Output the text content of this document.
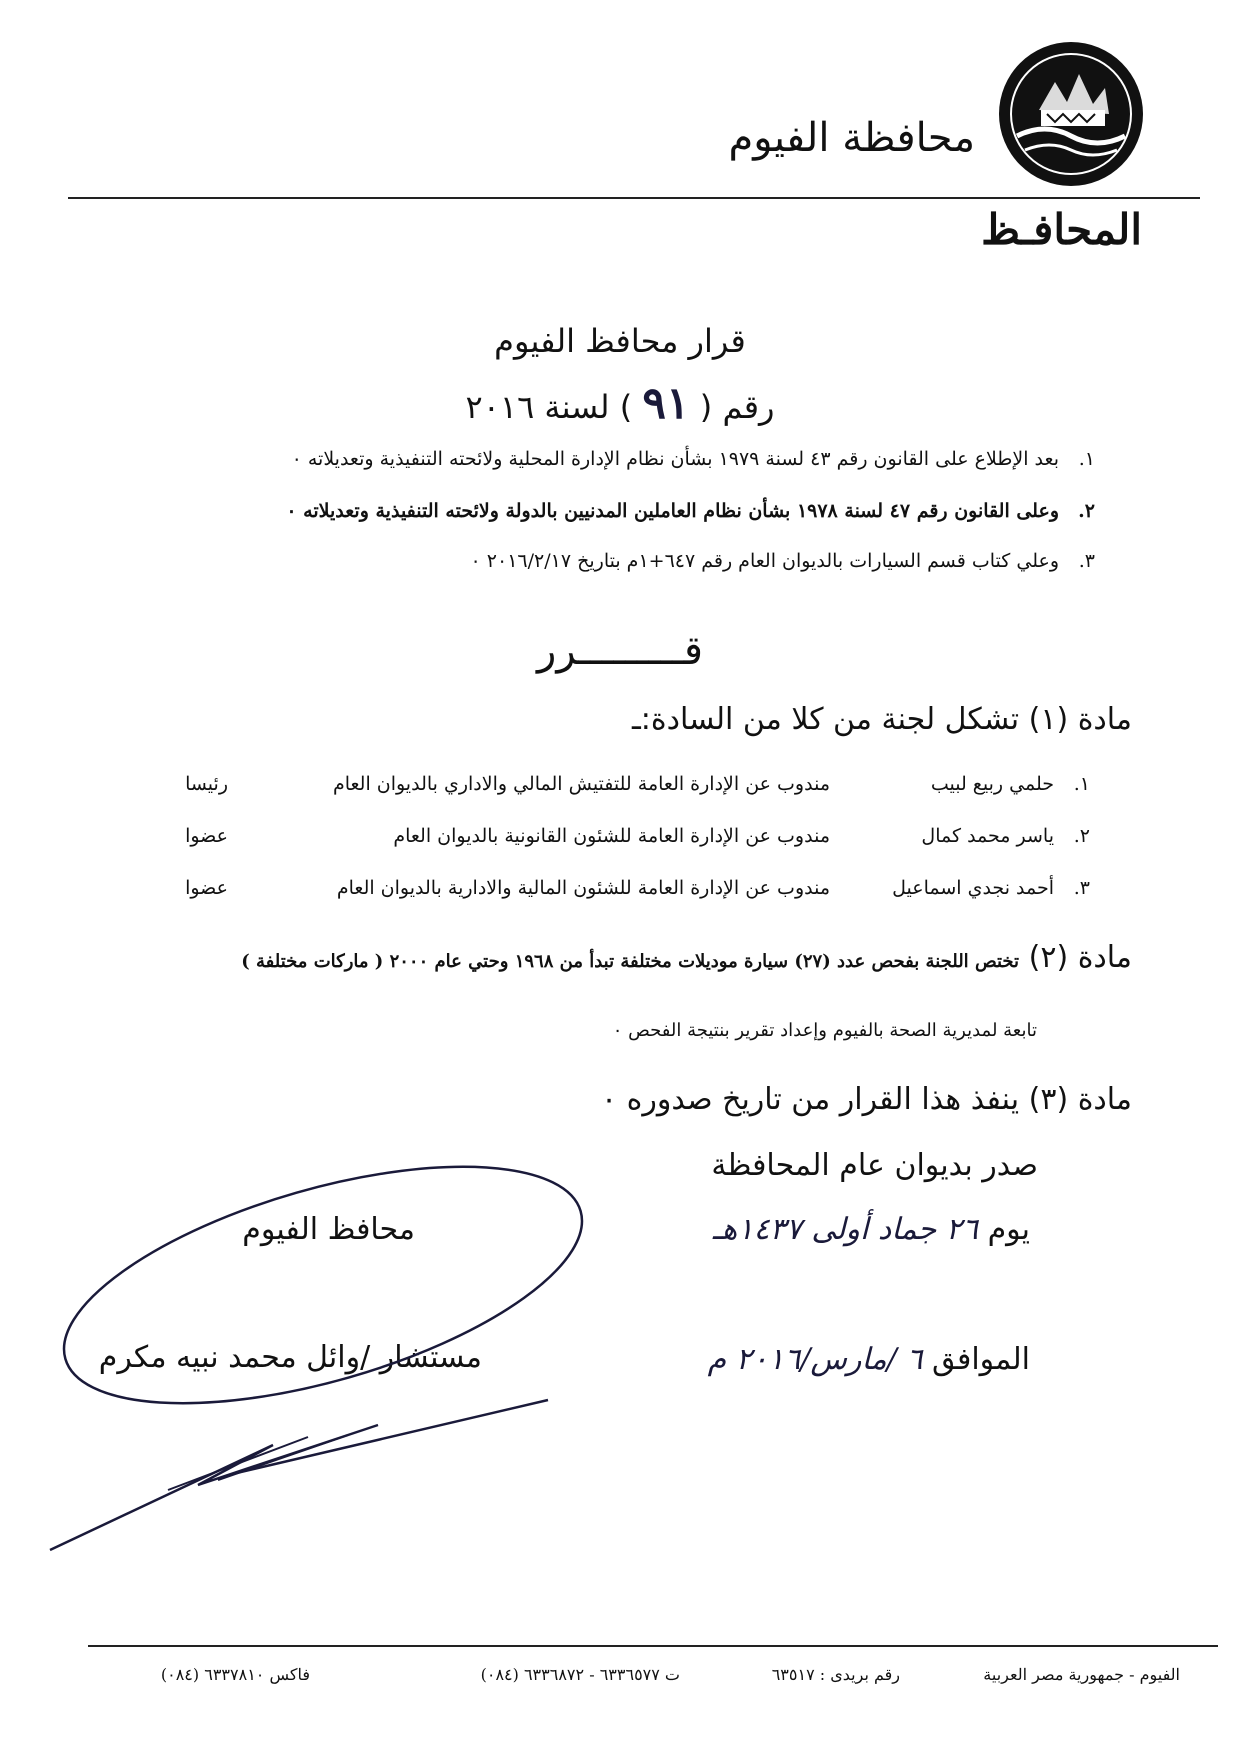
محافظة الفيوم
المحافـظ
قرار محافظ الفيوم
رقم ( ٩١ ) لسنة ٢٠١٦
١.بعد الإطلاع على القانون رقم ٤٣ لسنة ١٩٧٩ بشأن نظام الإدارة المحلية ولائحته التنفيذية وتعديلاته ٠
٢.وعلى القانون رقم ٤٧ لسنة ١٩٧٨ بشأن نظام العاملين المدنيين بالدولة ولائحته التنفيذية وتعديلاته ٠
٣.وعلي كتاب قسم السيارات بالديوان العام رقم ٦٤٧+١م بتاريخ ٢٠١٦/٢/١٧ ٠
قـــــــــرر
مادة (١) تشكل لجنة من كلا من السادة:ـ
١.حلمي ربيع لبيب
مندوب عن الإدارة العامة للتفتيش المالي والاداري بالديوان العام
رئيسا
٢.ياسر محمد كمال
مندوب عن الإدارة العامة للشئون القانونية بالديوان العام
عضوا
٣.أحمد نجدي اسماعيل
مندوب عن الإدارة العامة للشئون المالية والادارية بالديوان العام
عضوا
مادة (٢) تختص اللجنة بفحص عدد (٢٧) سيارة موديلات مختلفة تبدأ من ١٩٦٨ وحتي عام ٢٠٠٠ ( ماركات مختلفة )
تابعة لمديرية الصحة بالفيوم وإعداد تقرير بنتيجة الفحص ٠
مادة (٣) ينفذ هذا القرار من تاريخ صدوره ٠
صدر بديوان عام المحافظة
يوم ٢٦ جماد أولى ١٤٣٧هـ
الموافق ٦ /مارس/٢٠١٦ م
محافظ الفيوم
مستشار /وائل محمد نبيه مكرم
الفيوم - جمهورية مصر العربية
رقم بريدى : ٦٣٥١٧
ت ٦٣٣٦٥٧٧ - ٦٣٣٦٨٧٢ (٠٨٤)
فاكس ٦٣٣٧٨١٠ (٠٨٤)
